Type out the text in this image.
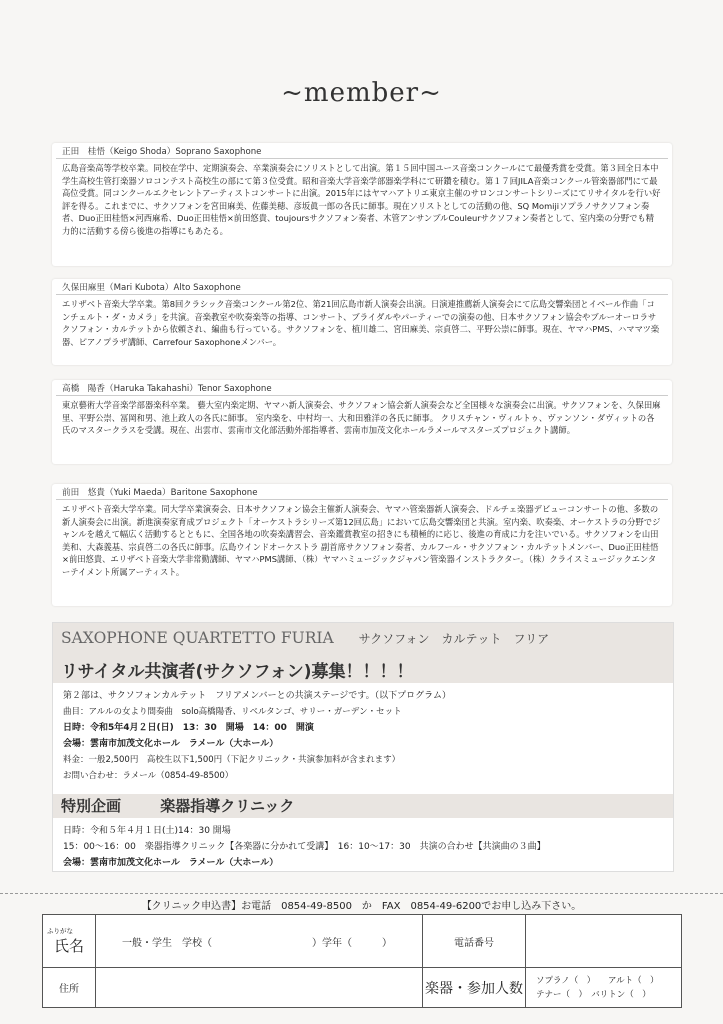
~member~
正田　桂悟（Keigo Shoda）Soprano Saxophone
広島音楽高等学校卒業。同校在学中、定期演奏会、卒業演奏会にソリストとして出演。第１５回中国ユース音楽コンクールにて最優秀賞を受賞。第３回全日本中学生高校生管打楽器ソロコンテスト高校生の部にて第３位受賞。昭和音楽大学音楽学部器楽学科にて研鑽を積む。第１７回JILA音楽コンクール管楽器部門にて最高位受賞。同コンクールエクセレントアーティストコンサートに出演。2015年にはヤマハアトリエ東京主催のサロンコンサートシリーズにてリサイタルを行い好評を得る。これまでに、サクソフォンを宮田麻美、佐藤美穂、彦坂眞一郎の各氏に師事。現在ソリストとしての活動の他、SQ Momijiソプラノサクソフォン奏者、Duo正田桂悟×河西麻希、Duo正田桂悟×前田悠貴、toujoursサクソフォン奏者、木管アンサンブルCouleurサクソフォン奏者として、室内楽の分野でも精力的に活動する傍ら後進の指導にもあたる。
久保田麻里（Mari Kubota）Alto Saxophone
エリザベト音楽大学卒業。第8回クラシック音楽コンクール第2位、第21回広島市新人演奏会出演。日演連推薦新人演奏会にて広島交響楽団とイベール作曲「コンチェルト・ダ・カメラ」を共演。音楽教室や吹奏楽等の指導、コンサート、ブライダルやパーティーでの演奏の他、日本サクソフォン協会やブルーオーロラサクソフォン・カルテットから依頼され、編曲も行っている。サクソフォンを、植川雄二、宮田麻美、宗貞啓二、平野公崇に師事。現在、ヤマハPMS、ハママツ楽器、ピアノプラザ講師、Carrefour Saxophoneメンバー。
高橋　陽香（Haruka Takahashi）Tenor Saxophone
東京藝術大学音楽学部器楽科卒業。 藝大室内楽定期、ヤマハ新人演奏会、サクソフォン協会新人演奏会など全国様々な演奏会に出演。サクソフォンを、久保田麻里、平野公崇、冨岡和男、池上政人の各氏に師事。 室内楽を、中村均一、大和田雅洋の各氏に師事。 クリスチャン・ヴィルトゥ、ヴァンソン・ダヴィットの各氏のマスタークラスを受講。現在、出雲市、雲南市文化部活動外部指導者、雲南市加茂文化ホールラメールマスターズプロジェクト講師。
前田　悠貴（Yuki Maeda）Baritone Saxophone
エリザベト音楽大学卒業。同大学卒業演奏会、日本サクソフォン協会主催新人演奏会、ヤマハ管楽器新人演奏会、ドルチェ楽器デビューコンサートの他、多数の新人演奏会に出演。新進演奏家育成プロジェクト「オーケストラシリーズ第12回広島」において広島交響楽団と共演。室内楽、吹奏楽、オーケストラの分野でジャンルを越えて幅広く活動するとともに、全国各地の吹奏楽講習会、音楽鑑賞教室の招きにも積極的に応じ、後進の育成に力を注いでいる。サクソフォンを山田美和、大森義基、宗貞啓二の各氏に師事。広島ウインドオーケストラ 副首席サクソフォン奏者、カルフール・サクソフォン・カルテットメンバー、Duo正田桂悟×前田悠貴、エリザベト音楽大学非常勤講師、ヤマハPMS講師、（株）ヤマハミュージックジャパン管楽器インストラクター。（株）クライスミュージックエンターテイメント所属アーティスト。
SAXOPHONE QUARTETTO FURIA サクソフォン　カルテット　フリア
リサイタル共演者(サクソフォン)募集！！！！
第２部は、サクソフォンカルテット　フリアメンバーとの共演ステージです。（以下プログラム）
曲目：アルルの女より間奏曲　solo高橋陽香、リベルタンゴ、サリー・ガーデン・セット
日時：令和5年4月２日(日)　13：30　開場　14：00　開演
会場：雲南市加茂文化ホール　ラメール（大ホール）
料金：一般2,500円　高校生以下1,500円（下記クリニック・共演参加料が含まれます）
お問い合わせ：ラメール（0854‐49‐8500）
特別企画	楽器指導クリニック
日時：令和５年４月１日(土)14：30 開場
15：00〜16：00　楽器指導クリニック【各楽器に分かれて受講】　16：10〜17：30　共演の合わせ【共演曲の３曲】
会場：雲南市加茂文化ホール　ラメール（大ホール）
【クリニック申込書】お電話　0854-49-8500　か　FAX　0854-49-6200でお申し込み下さい。
ふりがな
氏名	一般・学生　学校（　　　　　　　　　　）学年（　　　）	電話番号	
住所		楽器・参加人数	ソプラノ（　）　　 アルト（　）
テナー（　）　 バリトン（　）
